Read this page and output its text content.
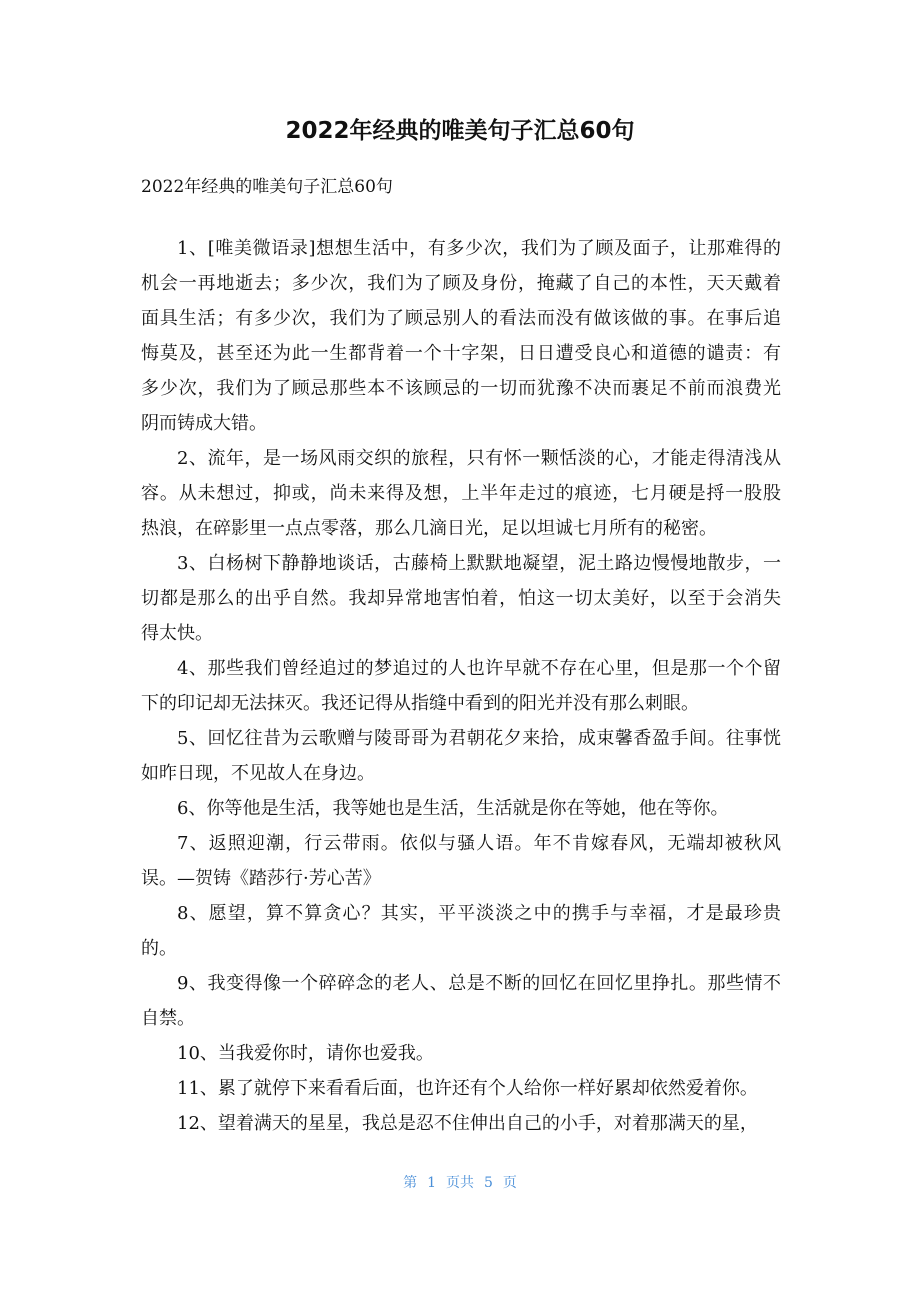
2022年经典的唯美句子汇总60句
2022年经典的唯美句子汇总60句
1、[唯美微语录]想想生活中，有多少次，我们为了顾及面子，让那难得的
机会一再地逝去；多少次，我们为了顾及身份，掩藏了自己的本性，天天戴着
面具生活；有多少次，我们为了顾忌别人的看法而没有做该做的事。在事后追
悔莫及，甚至还为此一生都背着一个十字架，日日遭受良心和道德的谴责：有
多少次，我们为了顾忌那些本不该顾忌的一切而犹豫不决而裹足不前而浪费光
阴而铸成大错。
2、流年，是一场风雨交织的旅程，只有怀一颗恬淡的心，才能走得清浅从
容。从未想过，抑或，尚未来得及想，上半年走过的痕迹，七月硬是捋一股股
热浪，在碎影里一点点零落，那么几滴日光，足以坦诚七月所有的秘密。
3、白杨树下静静地谈话，古藤椅上默默地凝望，泥土路边慢慢地散步，一
切都是那么的出乎自然。我却异常地害怕着，怕这一切太美好，以至于会消失
得太快。
4、那些我们曾经追过的梦追过的人也许早就不存在心里，但是那一个个留
下的印记却无法抹灭。我还记得从指缝中看到的阳光并没有那么刺眼。
5、回忆往昔为云歌赠与陵哥哥为君朝花夕来拾，成束馨香盈手间。往事恍
如昨日现，不见故人在身边。
6、你等他是生活，我等她也是生活，生活就是你在等她，他在等你。
7、返照迎潮，行云带雨。依似与骚人语。年不肯嫁春风，无端却被秋风
误。—贺铸《踏莎行·芳心苦》
8、愿望，算不算贪心？其实，平平淡淡之中的携手与幸福，才是最珍贵
的。
9、我变得像一个碎碎念的老人、总是不断的回忆在回忆里挣扎。那些情不
自禁。
10、当我爱你时，请你也爱我。
11、累了就停下来看看后面，也许还有个人给你一样好累却依然爱着你。
12、望着满天的星星，我总是忍不住伸出自己的小手，对着那满天的星，
第 1 页共 5 页
